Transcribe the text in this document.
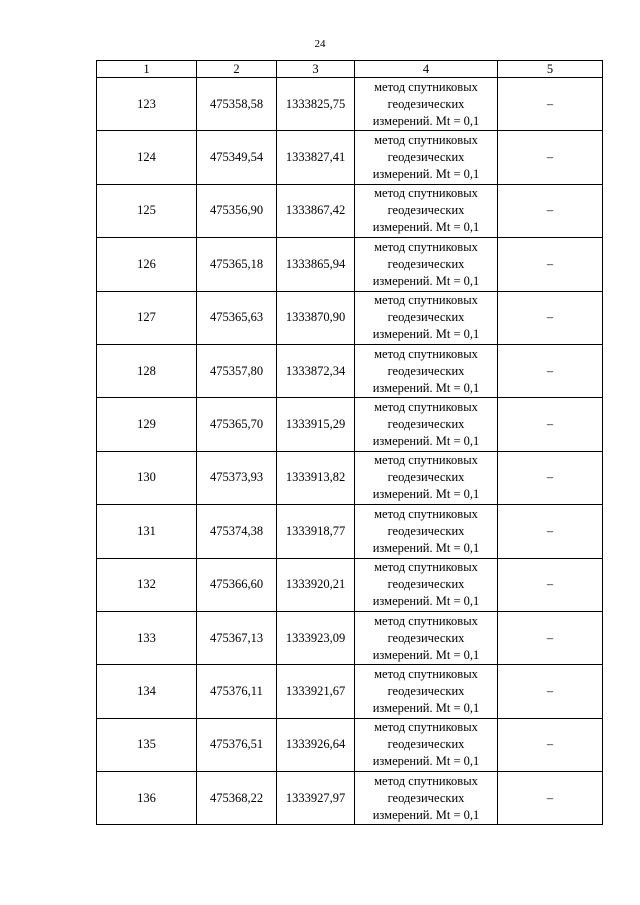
24
1	2	3	4	5
123	475358,58	1333825,75	метод спутниковых
геодезических
измерений. Mt = 0,1	–
124	475349,54	1333827,41	метод спутниковых
геодезических
измерений. Mt = 0,1	–
125	475356,90	1333867,42	метод спутниковых
геодезических
измерений. Mt = 0,1	–
126	475365,18	1333865,94	метод спутниковых
геодезических
измерений. Mt = 0,1	–
127	475365,63	1333870,90	метод спутниковых
геодезических
измерений. Mt = 0,1	–
128	475357,80	1333872,34	метод спутниковых
геодезических
измерений. Mt = 0,1	–
129	475365,70	1333915,29	метод спутниковых
геодезических
измерений. Mt = 0,1	–
130	475373,93	1333913,82	метод спутниковых
геодезических
измерений. Mt = 0,1	–
131	475374,38	1333918,77	метод спутниковых
геодезических
измерений. Mt = 0,1	–
132	475366,60	1333920,21	метод спутниковых
геодезических
измерений. Mt = 0,1	–
133	475367,13	1333923,09	метод спутниковых
геодезических
измерений. Mt = 0,1	–
134	475376,11	1333921,67	метод спутниковых
геодезических
измерений. Mt = 0,1	–
135	475376,51	1333926,64	метод спутниковых
геодезических
измерений. Mt = 0,1	–
136	475368,22	1333927,97	метод спутниковых
геодезических
измерений. Mt = 0,1	–
